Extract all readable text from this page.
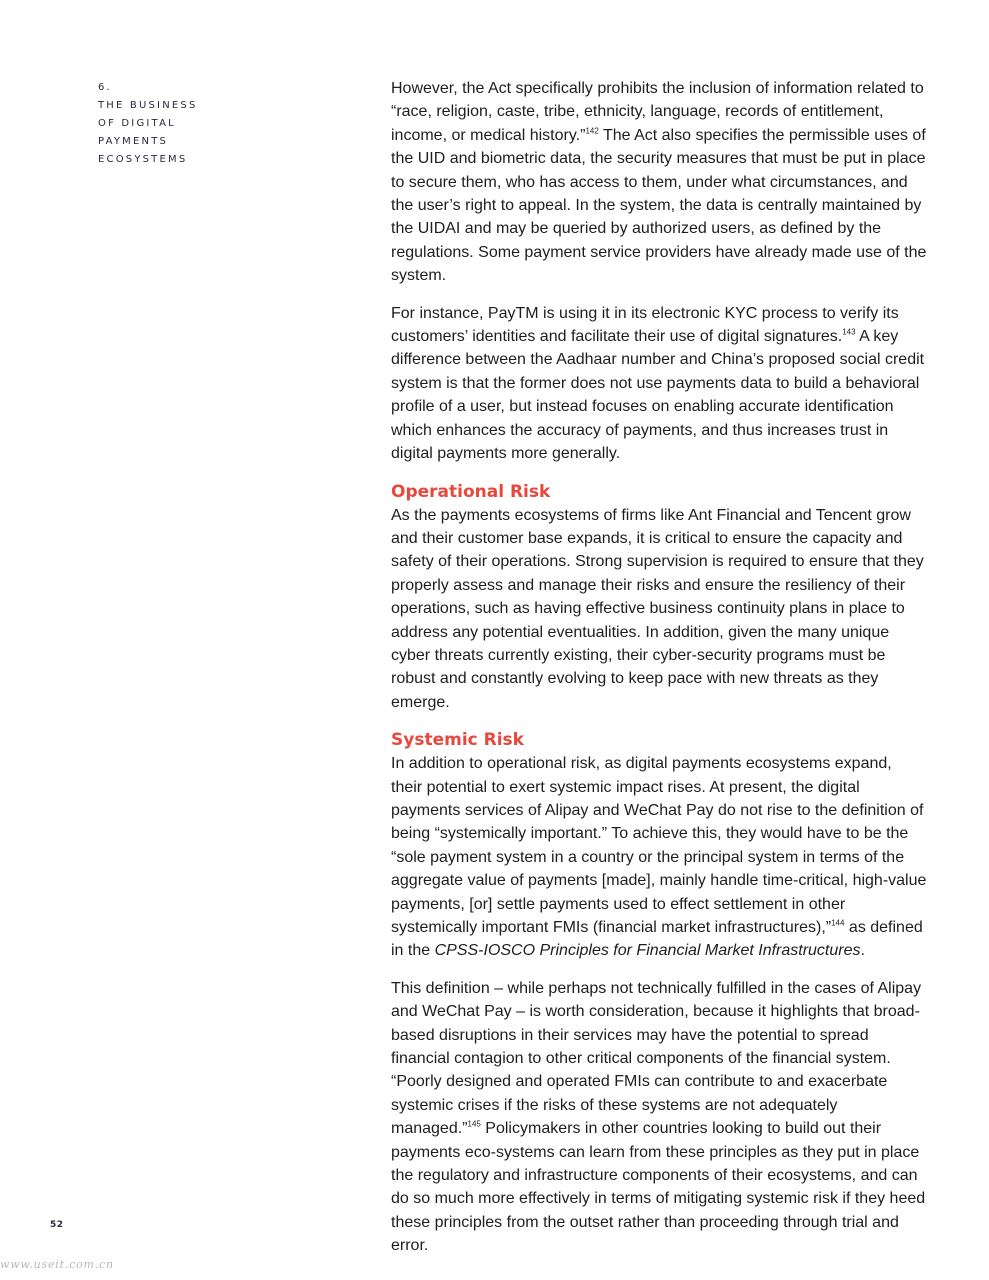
6.
THE BUSINESS
OF DIGITAL
PAYMENTS
ECOSYSTEMS

However, the Act specifically prohibits the inclusion of information related to “race, religion, caste, tribe, ethnicity, language, records of entitlement, income, or medical history.”$^{142}$ The Act also specifies the permissible uses of the UID and biometric data, the security measures that must be put in place to secure them, who has access to them, under what circumstances, and the user’s right to appeal. In the system, the data is centrally maintained by the UIDAI and may be queried by authorized users, as defined by the regulations. Some payment service providers have already made use of the system.

For instance, PayTM is using it in its electronic KYC process to verify its customers’ identities and facilitate their use of digital signatures.$^{143}$ A key difference between the Aadhaar number and China’s proposed social credit system is that the former does not use payments data to build a behavioral profile of a user, but instead focuses on enabling accurate identification which enhances the accuracy of payments, and thus increases trust in digital payments more generally.

Operational Risk

As the payments ecosystems of firms like Ant Financial and Tencent grow and their customer base expands, it is critical to ensure the capacity and safety of their operations. Strong supervision is required to ensure that they properly assess and manage their risks and ensure the resiliency of their operations, such as having effective business continuity plans in place to address any potential eventualities. In addition, given the many unique cyber threats currently existing, their cyber-security programs must be robust and constantly evolving to keep pace with new threats as they emerge.

Systemic Risk

In addition to operational risk, as digital payments ecosystems expand, their potential to exert systemic impact rises. At present, the digital payments services of Alipay and WeChat Pay do not rise to the definition of being “systemically important.” To achieve this, they would have to be the “sole payment system in a country or the principal system in terms of the aggregate value of payments [made], mainly handle time-critical, high-value payments, [or] settle payments used to effect settlement in other systemically important FMIs (financial market infrastructures),”$^{144}$ as defined in the CPSS-IOSCO Principles for Financial Market Infrastructures.

This definition – while perhaps not technically fulfilled in the cases of Alipay and WeChat Pay – is worth consideration, because it highlights that broad-based disruptions in their services may have the potential to spread financial contagion to other critical components of the financial system. “Poorly designed and operated FMIs can contribute to and exacerbate systemic crises if the risks of these systems are not adequately managed.”$^{145}$ Policymakers in other countries looking to build out their payments eco-systems can learn from these principles as they put in place the regulatory and infrastructure components of their ecosystems, and can do so much more effectively in terms of mitigating systemic risk if they heed these principles from the outset rather than proceeding through trial and error.

52
www.useit.com.cn
